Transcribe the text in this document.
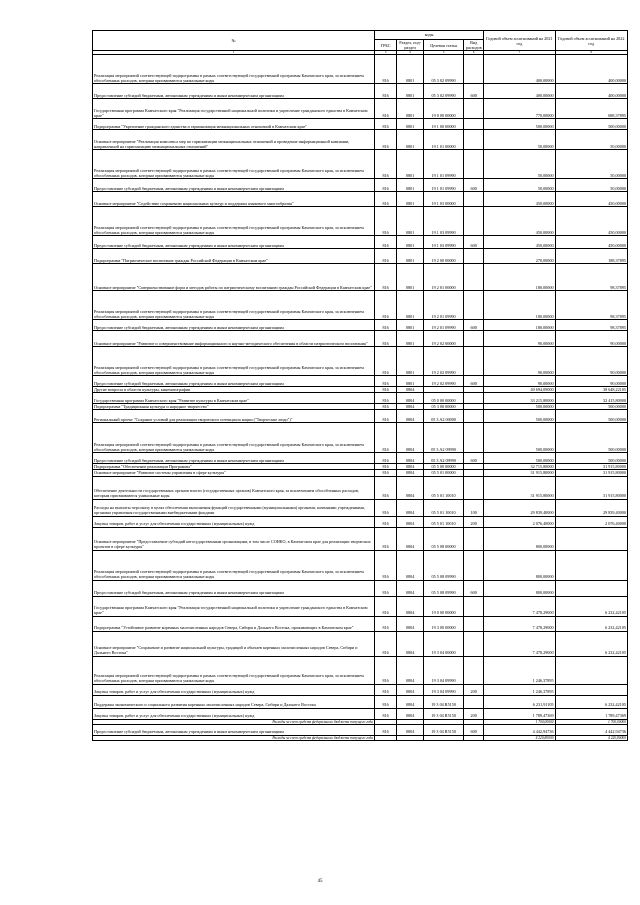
№	коды				Годовой объем ассигнований на 2021 год	Годовой объем ассигнований на 2022 год
	ГРБС	Раздел, под-раздел	Целевая статья	Вид расходов		
1	3	4	5	6	7	8
Реализация мероприятий соответствующей подпрограммы в рамках соответствующей государственной программы Камчатского края, за исключением обособленных расходов, которым присваиваются уникальные коды	816	0801	05 3 02 09990		400,00000	400,00000
Предоставление субсидий бюджетным, автономным учреждениям и иным некоммерческим организациям	816	0801	05 3 02 09990	600	400,00000	400,00000
Государственная программа Камчатского края "Реализация государственной национальной политики и укрепление гражданского единства в Камчатском крае"	816	0801	19 0 00 00000		770,00000	688,37895
Подпрограмма "Укрепление гражданского единства и гармонизация межнациональных отношений в Камчатском крае"	816	0801	19 1 00 00000		500,00000	500,00000
Основное мероприятие "Реализация комплекса мер по гармонизации межнациональных отношений и проведение информационной кампании, направленной на гармонизацию межнациональных отношений"	816	0801	19 1 01 00000		50,00000	50,00000
Реализация мероприятий соответствующей подпрограммы в рамках соответствующей государственной программы Камчатского края, за исключением обособленных расходов, которым присваиваются уникальные коды	816	0801	19 1 01 09990		50,00000	50,00000
Предоставление субсидий бюджетным, автономным учреждениям и иным некоммерческим организациям	816	0801	19 1 01 09990	600	50,00000	50,00000
Основное мероприятие "Содействие сохранению национальных культур и поддержка языкового многообразия"	816	0801	19 1 03 00000		450,00000	450,00000
Реализация мероприятий соответствующей подпрограммы в рамках соответствующей государственной программы Камчатского края, за исключением обособленных расходов, которым присваиваются уникальные коды	816	0801	19 1 03 09990		450,00000	450,00000
Предоставление субсидий бюджетным, автономным учреждениям и иным некоммерческим организациям	816	0801	19 1 03 09990	600	450,00000	450,00000
Подпрограмма "Патриотическое воспитание граждан Российской Федерации в Камчатском крае"	816	0801	19 2 00 00000		270,00000	188,37895
Основное мероприятие "Совершенствование форм и методов работы по патриотическому воспитанию граждан Российской Федерации в Камчатском крае"	816	0801	19 2 01 00000		180,00000	98,37895
Реализация мероприятий соответствующей подпрограммы в рамках соответствующей государственной программы Камчатского края, за исключением обособленных расходов, которым присваиваются уникальные коды	816	0801	19 2 01 09990		180,00000	98,37895
Предоставление субсидий бюджетным, автономным учреждениям и иным некоммерческим организациям	816	0801	19 2 01 09990	600	180,00000	98,37895
Основное мероприятие "Развитие и совершенствование информационного и научно-методического обеспечения в области патриотического воспитания"	816	0801	19 2 02 00000		90,00000	90,00000
Реализация мероприятий соответствующей подпрограммы в рамках соответствующей государственной программы Камчатского края, за исключением обособленных расходов, которым присваиваются уникальные коды	816	0801	19 2 02 09990		90,00000	90,00000
Предоставление субсидий бюджетным, автономным учреждениям и иным некоммерческим организациям	816	0801	19 2 02 09990	600	90,00000	90,00000
Другие вопросы в области культуры, кинематографии	816	0804			40 694,09000	38 648,22105
Государственная программа Камчатского края "Развитие культуры в Камчатском крае"	816	0804	05 0 00 00000		33 215,80000	32 415,80000
Подпрограмма "Традиционная культура и народное творчество"	816	0804	05 3 00 00000		500,00000	500,00000
Региональный проект "Создание условий для реализации творческого потенциала нации ("Творческие люди")"	816	0804	05 3 A2 00000		500,00000	500,00000
Реализация мероприятий соответствующей подпрограммы в рамках соответствующей государственной программы Камчатского края, за исключением обособленных расходов, которым присваиваются уникальные коды	816	0804	05 3 A2 09990		500,00000	500,00000
Предоставление субсидий бюджетным, автономным учреждениям и иным некоммерческим организациям	816	0804	05 3 A2 09990	600	500,00000	500,00000
Подпрограмма "Обеспечение реализации Программы"	816	0804	05 5 00 00000		32 715,80000	31 915,80000
Основное мероприятие "Развитие системы управления в сфере культуры"	816	0804	05 5 01 00000		31 915,80000	31 915,80000
Обеспечение деятельности государственных органов власти (государственных органов) Камчатского края, за исключением обособленных расходов, которым присваиваются уникальные коды	816	0804	05 5 01 10010		31 915,80000	31 915,80000
Расходы на выплаты персоналу в целях обеспечения выполнения функций государственными (муниципальными) органами, казенными учреждениями, органами управления государственными внебюджетными фондами	816	0804	05 5 01 10010	100	29 839,40000	29 839,40000
Закупка товаров, работ и услуг для обеспечения государственных (муниципальных) нужд	816	0804	05 5 01 10010	200	2 076,40000	2 076,40000
Основное мероприятие "Предоставление субсидий негосударственным организациям, в том числе СОНКО, в Камчатском крае для реализации творческих проектов в сфере культуры"	816	0804	05 5 08 00000		800,00000	
Реализация мероприятий соответствующей подпрограммы в рамках соответствующей государственной программы Камчатского края, за исключением обособленных расходов, которым присваиваются уникальные коды	816	0804	05 5 08 09990		800,00000	
Предоставление субсидий бюджетным, автономным учреждениям и иным некоммерческим организациям	816	0804	05 5 08 09990	600	800,00000	
Государственная программа Камчатского края "Реализация государственной национальной политики и укрепление гражданского единства в Камчатском крае"	816	0804	19 0 00 00000		7 478,29000	6 232,42105
Подпрограмма "Устойчивое развитие коренных малочисленных народов Севера, Сибири и Дальнего Востока, проживающих в Камчатском крае"	816	0804	19 3 00 00000		7 478,29000	6 232,42105
Основное мероприятие "Сохранение и развитие национальной культуры, традиций и обычаев коренных малочисленных народов Севера, Сибири и Дальнего Востока"	816	0804	19 3 04 00000		7 478,29000	6 232,42105
Реализация мероприятий соответствующей подпрограммы в рамках соответствующей государственной программы Камчатского края, за исключением обособленных расходов, которым присваиваются уникальные коды	816	0804	19 3 04 09990		1 246,37895	
Закупка товаров, работ и услуг для обеспечения государственных (муниципальных) нужд	816	0804	19 3 04 09990	200	1 246,37895	
Поддержка экономического и социального развития коренных малочисленных народов Севера, Сибири и Дальнего Востока	816	0804	19 3 04 R5150		6 231,91105	6 232,42105
Закупка товаров, работ и услуг для обеспечения государственных (муниципальных) нужд	816	0804	19 3 04 R5150	200	1 789,47369	1 789,47369
Расходы за счет средств федерального бюджета текущего года					1 700,00000	1 700,00000
Предоставление субсидий бюджетным, автономным учреждениям и иным некоммерческим организациям	816	0804	19 3 04 R5150	600	4 442,94736	4 442,94736
Расходы за счет средств федерального бюджета текущего года					4 220,80000	4 220,80000
45
